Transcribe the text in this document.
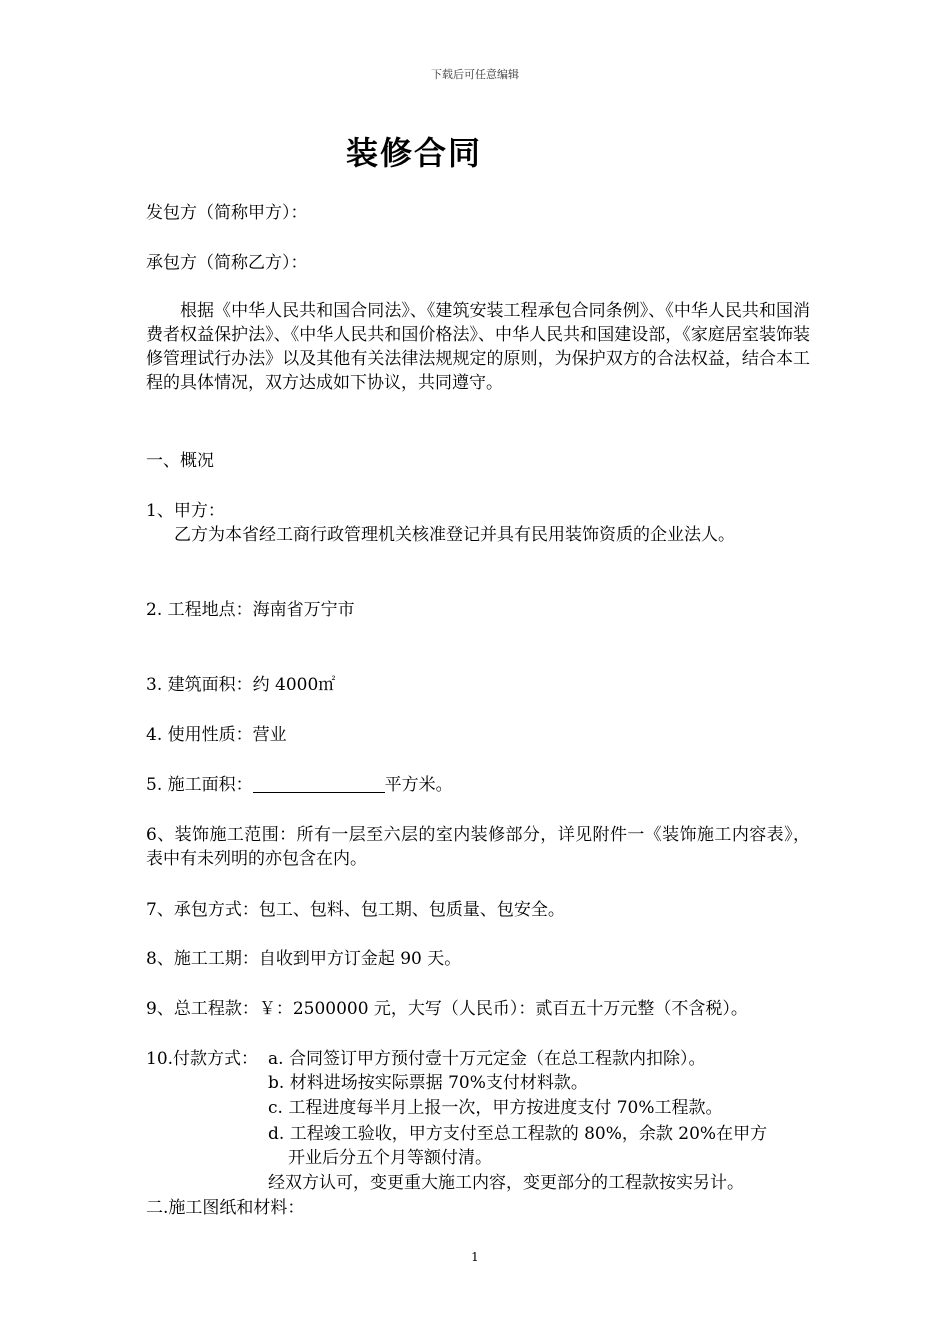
下载后可任意编辑
装修合同
发包方（简称甲方）：
承包方（简称乙方）：

根据《中华人民共和国合同法》、《建筑安装工程承包合同条例》、《中华人民共和国消费者权益保护法》、《中华人民共和国价格法》、中华人民共和国建设部，《家庭居室装饰装修管理试行办法》以及其他有关法律法规规定的原则，为保护双方的合法权益，结合本工程的具体情况，双方达成如下协议，共同遵守。

一、概况
1、甲方：
乙方为本省经工商行政管理机关核准登记并具有民用装饰资质的企业法人。
2. 工程地点：海南省万宁市
3. 建筑面积：约 4000㎡
4. 使用性质：营业
5. 施工面积：	平方米。

6、装饰施工范围：所有一层至六层的室内装修部分，详见附件一《装饰施工内容表》，表中有未列明的亦包含在内。

7、承包方式：包工、包料、包工期、包质量、包安全。
8、施工工期：自收到甲方订金起 90 天。
9、总工程款：￥：2500000 元，大写（人民币）：贰百五十万元整（不含税）。
10.付款方式： a. 合同签订甲方预付壹十万元定金（在总工程款内扣除）。
b. 材料进场按实际票据 70%支付材料款。
c. 工程进度每半月上报一次，甲方按进度支付 70%工程款。
d. 工程竣工验收，甲方支付至总工程款的 80%，余款 20%在甲方
开业后分五个月等额付清。
经双方认可，变更重大施工内容，变更部分的工程款按实另计。
二.施工图纸和材料：
1
